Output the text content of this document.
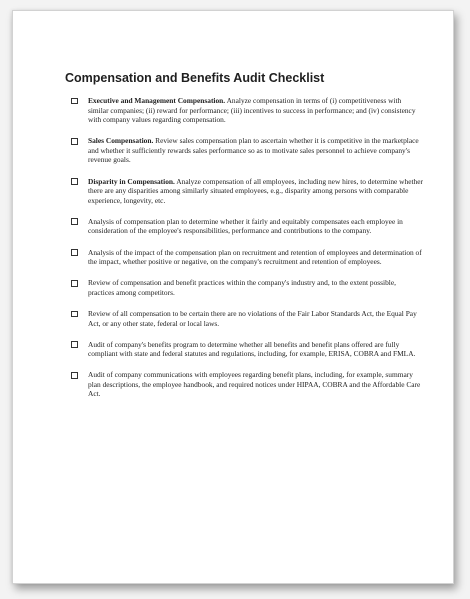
Compensation and Benefits Audit Checklist
Executive and Management Compensation. Analyze compensation in terms of (i) competitiveness with similar companies; (ii) reward for performance; (iii) incentives to success in performance; and (iv) consistency with company values regarding compensation.
Sales Compensation. Review sales compensation plan to ascertain whether it is competitive in the marketplace and whether it sufficiently rewards sales performance so as to motivate sales personnel to achieve company's revenue goals.
Disparity in Compensation. Analyze compensation of all employees, including new hires, to determine whether there are any disparities among similarly situated employees, e.g., disparity among persons with comparable experience, longevity, etc.
Analysis of compensation plan to determine whether it fairly and equitably compensates each employee in consideration of the employee's responsibilities, performance and contributions to the company.
Analysis of the impact of the compensation plan on recruitment and retention of employees and determination of the impact, whether positive or negative, on the company's recruitment and retention of employees.
Review of compensation and benefit practices within the company's industry and, to the extent possible, practices among competitors.
Review of all compensation to be certain there are no violations of the Fair Labor Standards Act, the Equal Pay Act, or any other state, federal or local laws.
Audit of company's benefits program to determine whether all benefits and benefit plans offered are fully compliant with state and federal statutes and regulations, including, for example, ERISA, COBRA and FMLA.
Audit of company communications with employees regarding benefit plans, including, for example, summary plan descriptions, the employee handbook, and required notices under HIPAA, COBRA and the Affordable Care Act.
